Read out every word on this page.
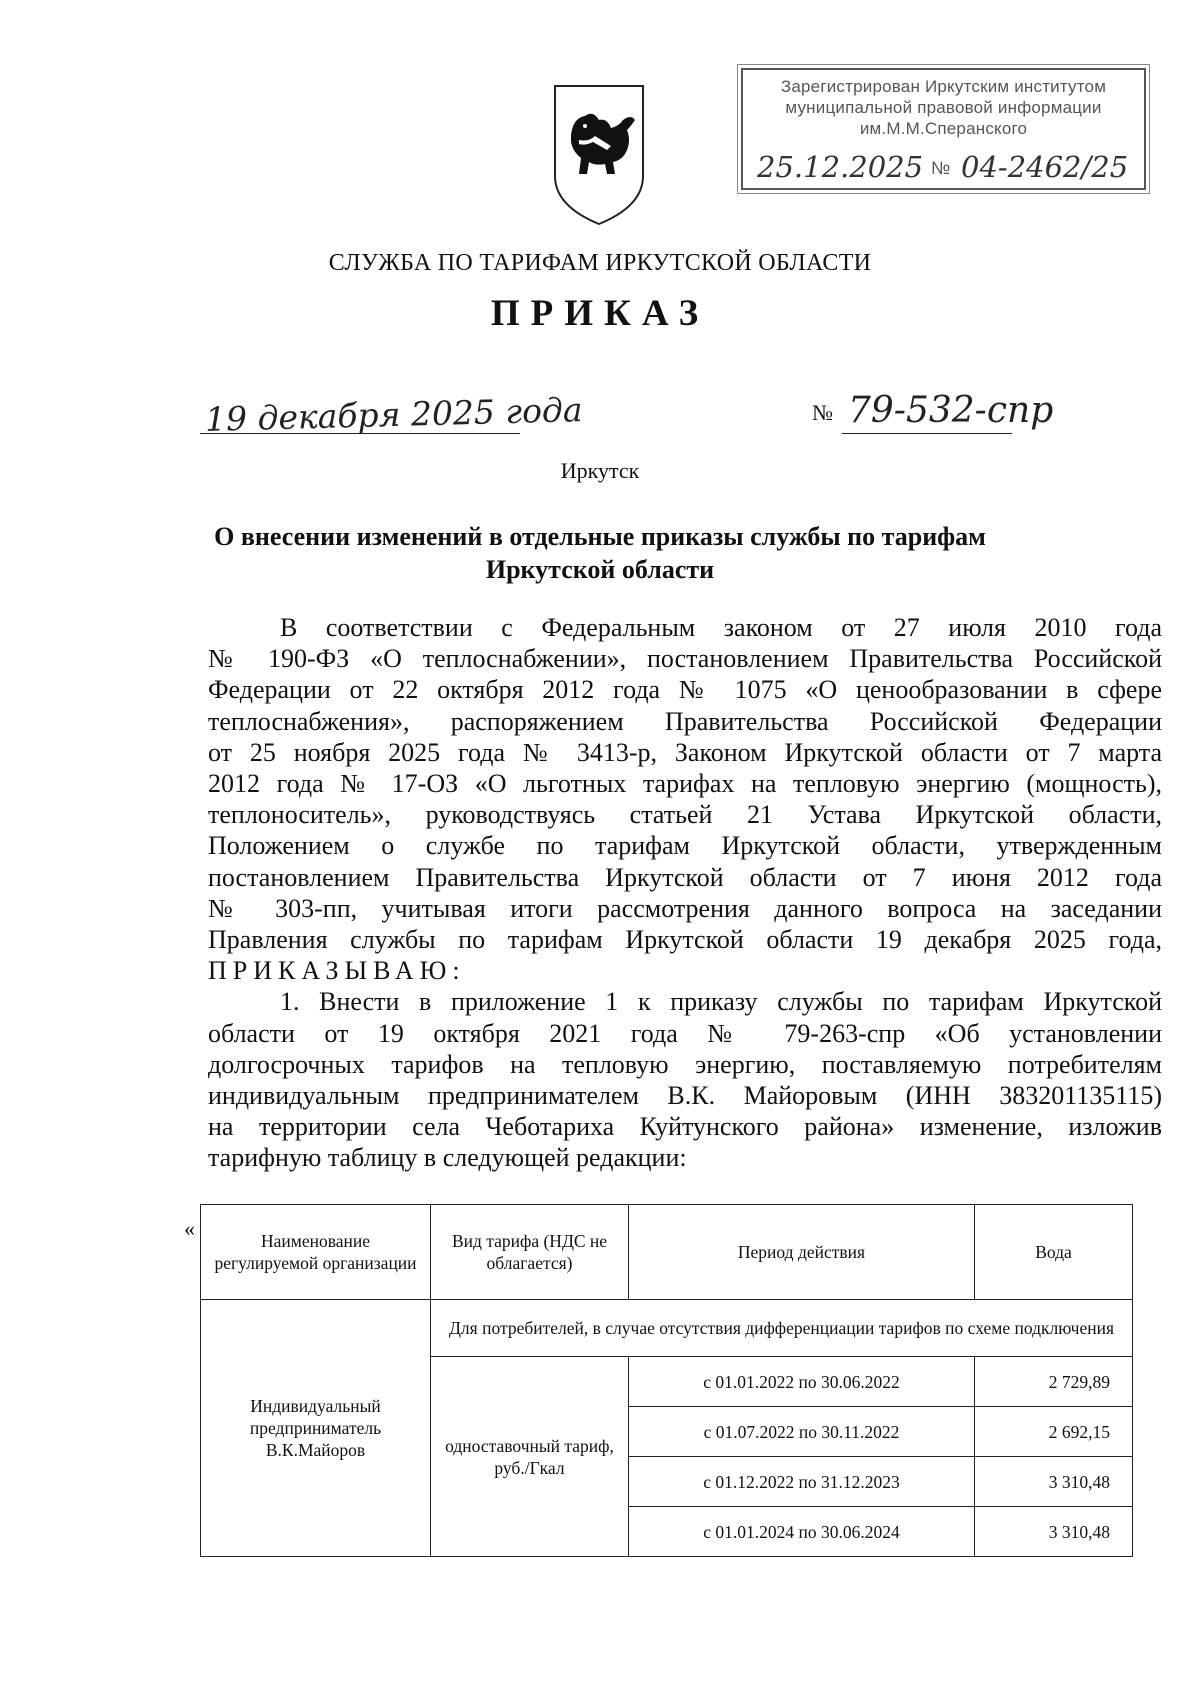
Зарегистрирован Иркутским институтом
муниципальной правовой информации
им.М.М.Сперанского
25.12.2025 № 04-2462/25
СЛУЖБА ПО ТАРИФАМ ИРКУТСКОЙ ОБЛАСТИ
ПРИКАЗ
19 декабря 2025 года	№ 79-532-спр
Иркутск
О внесении изменений в отдельные приказы службы по тарифам
Иркутской области

В соответствии с Федеральным законом от 27 июля 2010 года

№ 190-ФЗ «О теплоснабжении», постановлением Правительства Российской

Федерации от 22 октября 2012 года № 1075 «О ценообразовании в сфере

теплоснабжения», распоряжением Правительства Российской Федерации

от 25 ноября 2025 года № 3413-р, Законом Иркутской области от 7 марта

2012 года № 17-ОЗ «О льготных тарифах на тепловую энергию (мощность),

теплоноситель», руководствуясь статьей 21 Устава Иркутской области,

Положением о службе по тарифам Иркутской области, утвержденным

постановлением Правительства Иркутской области от 7 июня 2012 года

№ 303-пп, учитывая итоги рассмотрения данного вопроса на заседании

Правления службы по тарифам Иркутской области 19 декабря 2025 года,

ПРИКАЗЫВАЮ:

1. Внести в приложение 1 к приказу службы по тарифам Иркутской

области от 19 октября 2021 года № 79-263-спр «Об установлении

долгосрочных тарифов на тепловую энергию, поставляемую потребителям

индивидуальным предпринимателем В.К. Майоровым (ИНН 383201135115)

на территории села Чеботариха Куйтунского района» изменение, изложив

тарифную таблицу в следующей редакции:

«	Наименование регулируемой организации	Вид тарифа (НДС не облагается)	Период действия	Вода
Индивидуальный предприниматель В.К.Майоров	Для потребителей, в случае отсутствия дифференциации тарифов по схеме подключения		
	одноставочный тариф, руб./Гкал	с 01.01.2022 по 30.06.2022	2 729,89
		с 01.07.2022 по 30.11.2022	2 692,15
		с 01.12.2022 по 31.12.2023	3 310,48
		с 01.01.2024 по 30.06.2024	3 310,48
